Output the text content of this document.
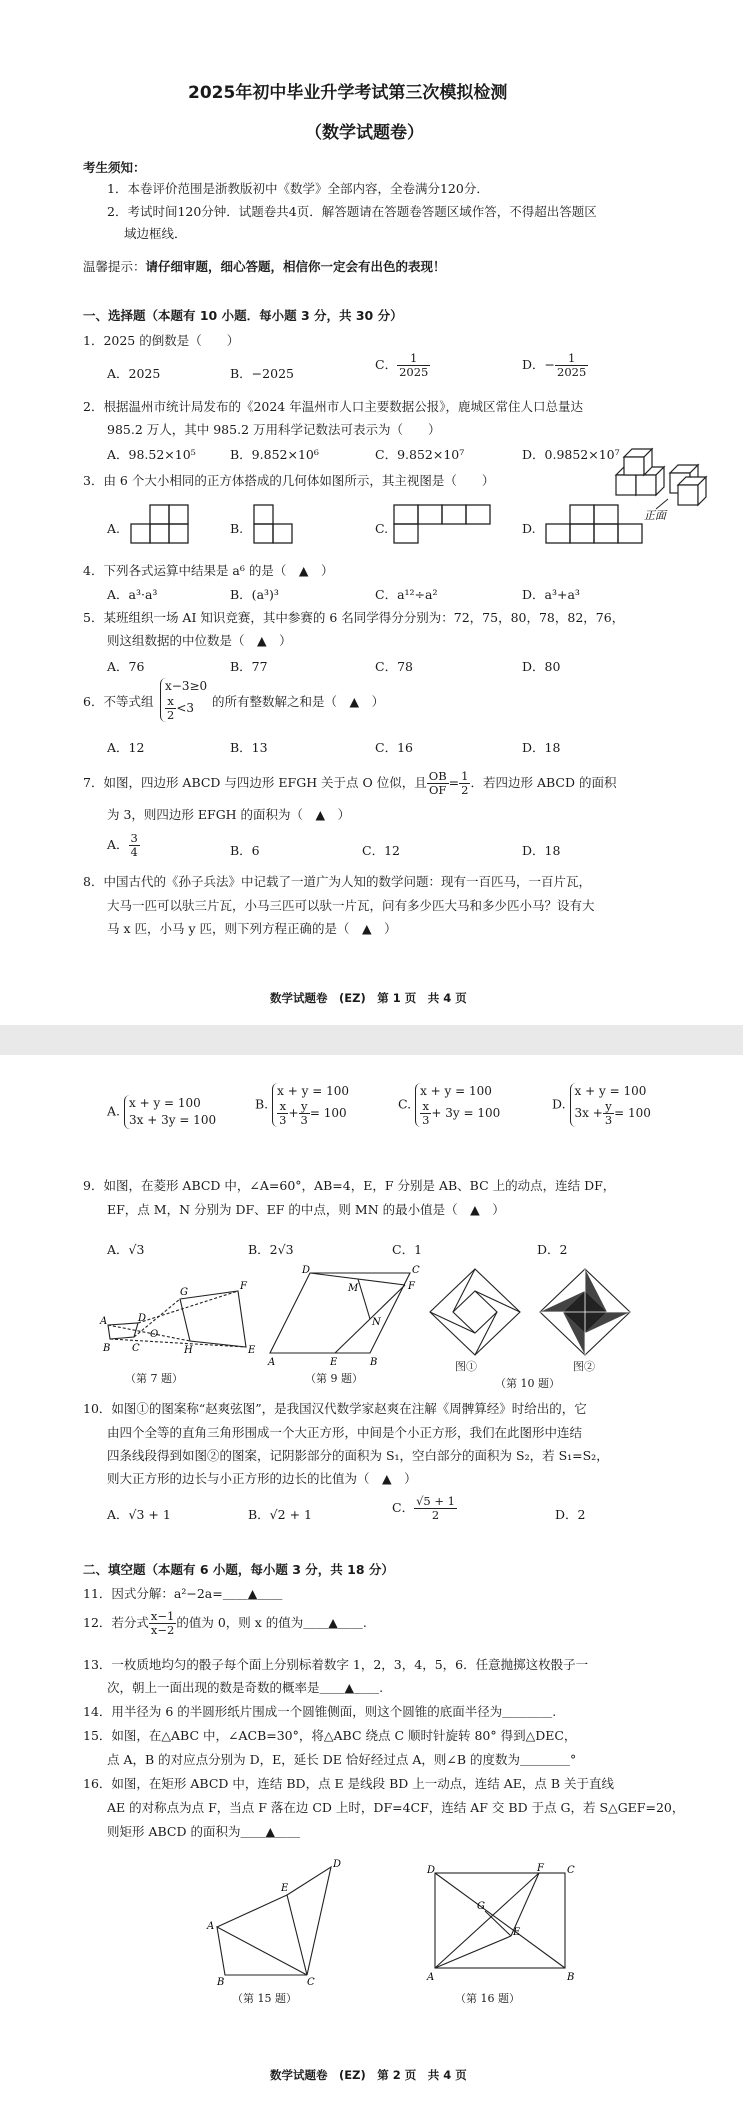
2025年初中毕业升学考试第三次模拟检测
（数学试题卷）
考生须知：
1．本卷评价范围是浙教版初中《数学》全部内容，全卷满分120分．
2．考试时间120分钟．试题卷共4页．解答题请在答题卷答题区域作答，不得超出答题区
域边框线．
温馨提示：请仔细审题，细心答题，相信你一定会有出色的表现！
一、选择题（本题有 10 小题．每小题 3 分，共 30 分）
1．2025 的倒数是（　　）
A．2025	B．−2025
C． $\frac{1}{2025}$	D．− $\frac{1}{2025}$
2．根据温州市统计局发布的《2024 年温州市人口主要数据公报》，鹿城区常住人口总量达
985.2 万人，其中 985.2 万用科学记数法可表示为（　　）
A．98.52×10⁵	B．9.852×10⁶	C．9.852×10⁷	D．0.9852×10⁷
3．由 6 个大小相同的正方体搭成的几何体如图所示，其主视图是（　　）
正面
A.	B.	C.	D.
4．下列各式运算中结果是 a⁶ 的是（　▲　）
A．a³·a³	B．(a³)³	C．a¹²÷a²	D．a³+a³
5．某班组织一场 AI 知识竞赛，其中参赛的 6 名同学得分分别为：72，75，80，78，82，76，
则这组数据的中位数是（　▲　）
A．76	B．77	C．78	D．80
6．不等式组
x−3≥0
$\frac{x}{2} <3$	的所有整数解之和是（　▲　）
A．12	B．13	C．16	D．18
7．如图，四边形 ABCD 与四边形 EFGH 关于点 O 位似，且 $\frac{OB}{OF} = \frac{1}{2}$ ．若四边形 ABCD 的面积
为 3，则四边形 EFGH 的面积为（　▲　）
A． $\frac{3}{4}$	B．6	C．12	D．18
8．中国古代的《孙子兵法》中记载了一道广为人知的数学问题：现有一百匹马，一百片瓦，
大马一匹可以驮三片瓦，小马三匹可以驮一片瓦，问有多少匹大马和多少匹小马？设有大
马 x 匹，小马 y 匹，则下列方程正确的是（　▲　）
数学试题卷　(EZ)　第 1 页　共 4 页
A.
x + y = 100
3x + 3y = 100
B.
x + y = 100
$\frac{x}{3} + \frac{y}{3} = 100$
C.
x + y = 100
$\frac{x}{3} + 3y = 100$
D.
x + y = 100
$3x + \frac{y}{3} = 100$
9．如图，在菱形 ABCD 中，∠A=60°，AB=4，E，F 分别是 AB、BC 上的动点，连结 DF，
EF，点 M，N 分别为 DF、EF 的中点，则 MN 的最小值是（　▲　）
A．√3	B．2√3	C．1	D．2
A	D
B C
O
G
F
E
H
D	C
F
A	E	B
M
N
（第 7 题）	（第 9 题）
图①	图②
（第 10 题）
10．如图①的图案称“赵爽弦图”，是我国汉代数学家赵爽在注解《周髀算经》时给出的，它
由四个全等的直角三角形围成一个大正方形，中间是个小正方形，我们在此图形中连结
四条线段得到如图②的图案，记阴影部分的面积为 S₁，空白部分的面积为 S₂，若 S₁=S₂，
则大正方形的边长与小正方形的边长的比值为（　▲　）
A．√3 + 1	B．√2 + 1	C． $\frac{√5 + 1}{2}$	D．2
二、填空题（本题有 6 小题，每小题 3 分，共 18 分）
11．因式分解：a²−2a=＿＿▲＿＿
12．若分式 $\frac{x-1}{x-2}$ 的值为 0，则 x 的值为＿＿▲＿＿.
13．一枚质地均匀的骰子每个面上分别标着数字 1，2，3，4，5，6．任意抛掷这枚骰子一
次，朝上一面出现的数是奇数的概率是＿＿▲＿＿.
14．用半径为 6 的半圆形纸片围成一个圆锥侧面，则这个圆锥的底面半径为＿＿＿＿.
15．如图，在△ABC 中，∠ACB=30°，将△ABC 绕点 C 顺时针旋转 80° 得到△DEC，
点 A，B 的对应点分别为 D，E，延长 DE 恰好经过点 A，则∠B 的度数为＿＿＿＿°
16．如图，在矩形 ABCD 中，连结 BD，点 E 是线段 BD 上一动点，连结 AE，点 B 关于直线
AE 的对称点为点 F，当点 F 落在边 CD 上时，DF=4CF，连结 AF 交 BD 于点 G，若 S△GEF=20，
则矩形 ABCD 的面积为＿＿▲＿＿
A
B	C
E
D
D	F C
G
E
A	B
（第 15 题）	（第 16 题）
数学试题卷　(EZ)　第 2 页　共 4 页
